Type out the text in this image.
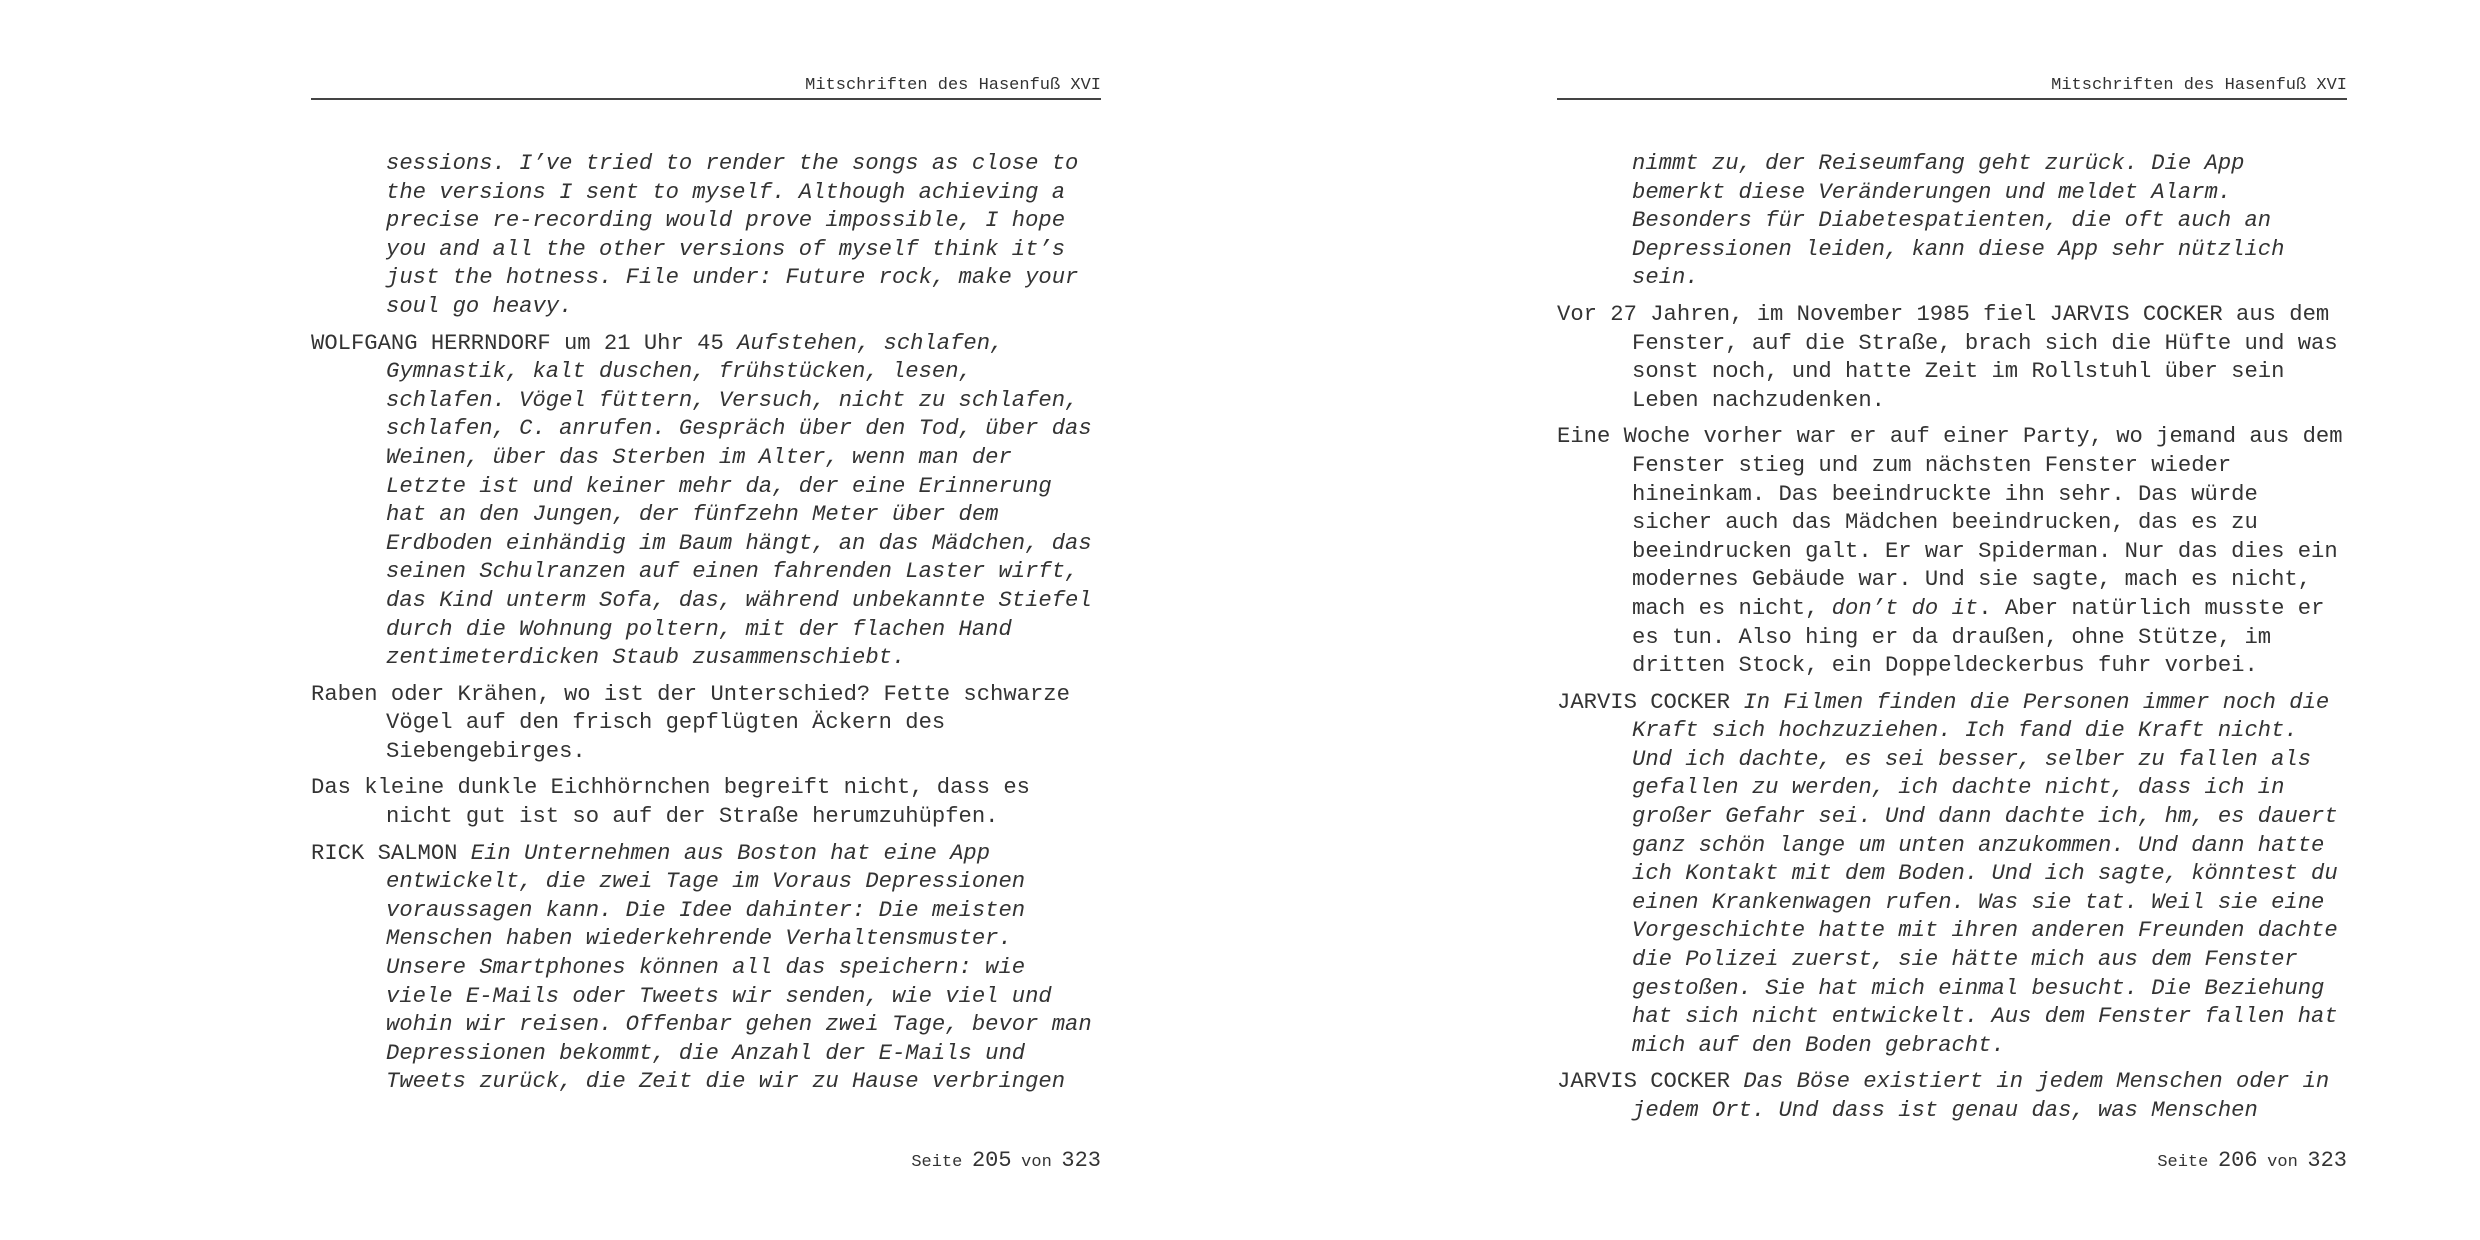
Mitschriften des Hasenfuß XVI

sessions. I’ve tried to render the songs as close to the versions I sent to myself. Although achieving a precise re-recording would prove impossible, I hope you and all the other versions of myself think it’s just the hotness. File under: Future rock, make your soul go heavy.

WOLFGANG HERRNDORF um 21 Uhr 45 Aufstehen, schlafen, Gymnastik, kalt duschen, frühstücken, lesen, schlafen. Vögel füttern, Versuch, nicht zu schlafen, schlafen, C. anrufen. Gespräch über den Tod, über das Weinen, über das Sterben im Alter, wenn man der Letzte ist und keiner mehr da, der eine Erinnerung hat an den Jungen, der fünfzehn Meter über dem Erdboden einhändig im Baum hängt, an das Mädchen, das seinen Schulranzen auf einen fahrenden Laster wirft, das Kind unterm Sofa, das, während unbekannte Stiefel durch die Wohnung poltern, mit der flachen Hand zentimeterdicken Staub zusammenschiebt.

Raben oder Krähen, wo ist der Unterschied? Fette schwarze Vögel auf den frisch gepflügten Äckern des Siebengebirges.

Das kleine dunkle Eichhörnchen begreift nicht, dass es nicht gut ist so auf der Straße herumzuhüpfen.

RICK SALMON Ein Unternehmen aus Boston hat eine App entwickelt, die zwei Tage im Voraus Depressionen voraussagen kann. Die Idee dahinter: Die meisten Menschen haben wiederkehrende Verhaltensmuster. Unsere Smartphones können all das speichern: wie viele E-Mails oder Tweets wir senden, wie viel und wohin wir reisen. Offenbar gehen zwei Tage, bevor man Depressionen bekommt, die Anzahl der E-Mails und Tweets zurück, die Zeit die wir zu Hause verbringen

Seite 205 von 323
Mitschriften des Hasenfuß XVI

nimmt zu, der Reiseumfang geht zurück. Die App bemerkt diese Veränderungen und meldet Alarm. Besonders für Diabetespatienten, die oft auch an Depressionen leiden, kann diese App sehr nützlich sein.

Vor 27 Jahren, im November 1985 fiel JARVIS COCKER aus dem Fenster, auf die Straße, brach sich die Hüfte und was sonst noch, und hatte Zeit im Rollstuhl über sein Leben nachzudenken.

Eine Woche vorher war er auf einer Party, wo jemand aus dem Fenster stieg und zum nächsten Fenster wieder hineinkam. Das beeindruckte ihn sehr. Das würde sicher auch das Mädchen beeindrucken, das es zu beeindrucken galt. Er war Spiderman. Nur das dies ein modernes Gebäude war. Und sie sagte, mach es nicht, mach es nicht, don’t do it. Aber natürlich musste er es tun. Also hing er da draußen, ohne Stütze, im dritten Stock, ein Doppeldeckerbus fuhr vorbei.

JARVIS COCKER In Filmen finden die Personen immer noch die Kraft sich hochzuziehen. Ich fand die Kraft nicht. Und ich dachte, es sei besser, selber zu fallen als gefallen zu werden, ich dachte nicht, dass ich in großer Gefahr sei. Und dann dachte ich, hm, es dauert ganz schön lange um unten anzukommen. Und dann hatte ich Kontakt mit dem Boden. Und ich sagte, könntest du einen Krankenwagen rufen. Was sie tat. Weil sie eine Vorgeschichte hatte mit ihren anderen Freunden dachte die Polizei zuerst, sie hätte mich aus dem Fenster gestoßen. Sie hat mich einmal besucht. Die Beziehung hat sich nicht entwickelt. Aus dem Fenster fallen hat mich auf den Boden gebracht.

JARVIS COCKER Das Böse existiert in jedem Menschen oder in jedem Ort. Und dass ist genau das, was Menschen

Seite 206 von 323
